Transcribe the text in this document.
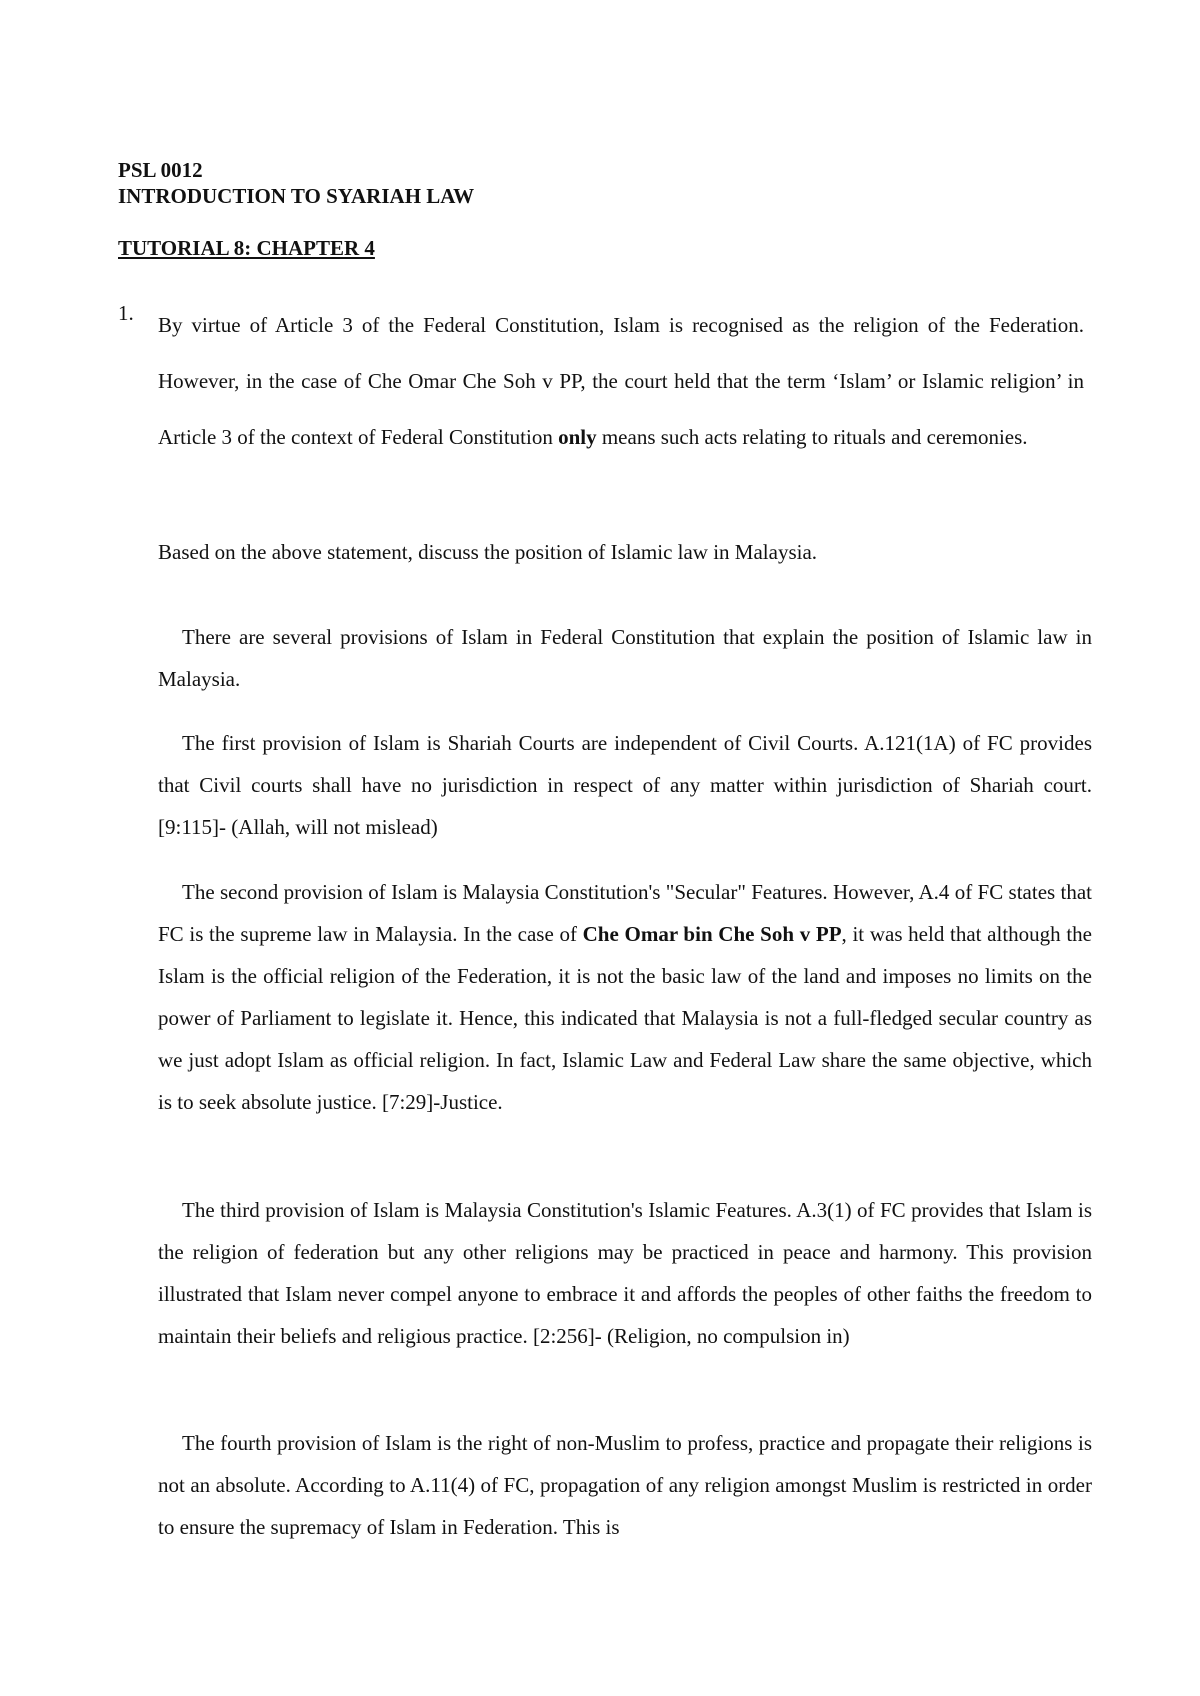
PSL 0012
INTRODUCTION TO SYARIAH LAW
TUTORIAL 8: CHAPTER 4
1. By virtue of Article 3 of the Federal Constitution, Islam is recognised as the religion of the Federation. However, in the case of Che Omar Che Soh v PP, the court held that the term ‘Islam’ or Islamic religion’ in Article 3 of the context of Federal Constitution only means such acts relating to rituals and ceremonies.

Based on the above statement, discuss the position of Islamic law in Malaysia.

There are several provisions of Islam in Federal Constitution that explain the position of Islamic law in Malaysia.

The first provision of Islam is Shariah Courts are independent of Civil Courts. A.121(1A) of FC provides that Civil courts shall have no jurisdiction in respect of any matter within jurisdiction of Shariah court. [9:115]- (Allah, will not mislead)

The second provision of Islam is Malaysia Constitution's "Secular" Features. However, A.4 of FC states that FC is the supreme law in Malaysia. In the case of Che Omar bin Che Soh v PP, it was held that although the Islam is the official religion of the Federation, it is not the basic law of the land and imposes no limits on the power of Parliament to legislate it. Hence, this indicated that Malaysia is not a full-fledged secular country as we just adopt Islam as official religion. In fact, Islamic Law and Federal Law share the same objective, which is to seek absolute justice. [7:29]-Justice.

The third provision of Islam is Malaysia Constitution's Islamic Features. A.3(1) of FC provides that Islam is the religion of federation but any other religions may be practiced in peace and harmony. This provision illustrated that Islam never compel anyone to embrace it and affords the peoples of other faiths the freedom to maintain their beliefs and religious practice. [2:256]- (Religion, no compulsion in)

The fourth provision of Islam is the right of non-Muslim to profess, practice and propagate their religions is not an absolute. According to A.11(4) of FC, propagation of any religion amongst Muslim is restricted in order to ensure the supremacy of Islam in Federation. This is
